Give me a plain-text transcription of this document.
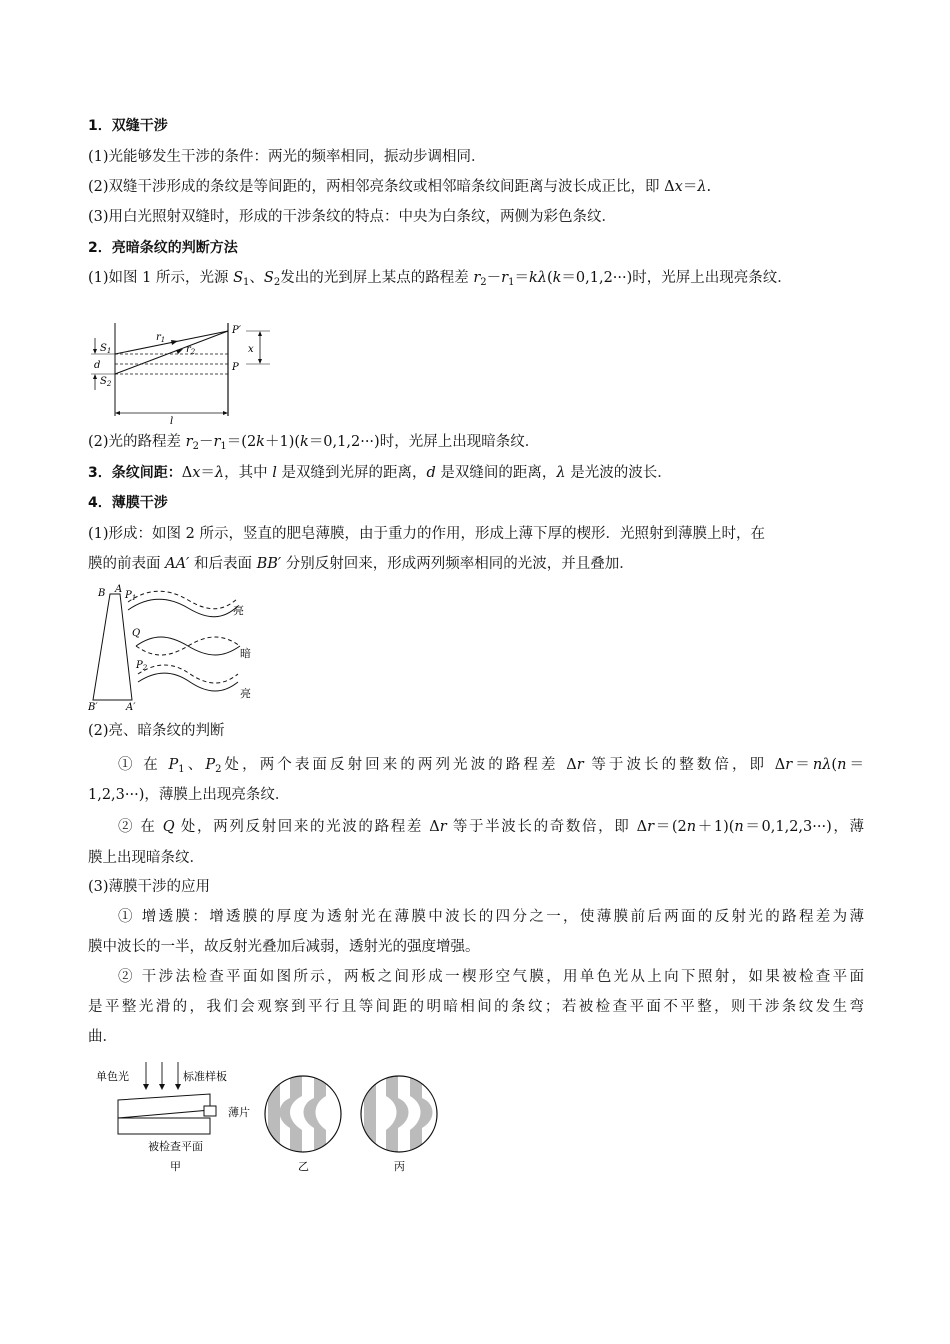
1．双缝干涉
(1)光能够发生干涉的条件：两光的频率相同，振动步调相同．
(2)双缝干涉形成的条纹是等间距的，两相邻亮条纹或相邻暗条纹间距离与波长成正比，即 Δx＝λ.
(3)用白光照射双缝时，形成的干涉条纹的特点：中央为白条纹，两侧为彩色条纹．
2．亮暗条纹的判断方法
(1)如图 1 所示，光源 $S_1$、$S_2$发出的光到屏上某点的路程差 $r_2-r_1=k\lambda(k=0,1,2\cdot\cdot\cdot)$时，光屏上出现亮条纹．
$r_1$
$r_2$
$S_1$
$S_2$
d
P′
P
x
l
(2)光的路程差 $r_2-r_1=(2k+1)(k=0,1,2\cdot\cdot\cdot)$时，光屏上出现暗条纹．
3．条纹间距：Δx＝λ，其中 l 是双缝到光屏的距离，d 是双缝间的距离，λ 是光波的波长．
4．薄膜干涉
(1)形成：如图 2 所示，竖直的肥皂薄膜，由于重力的作用，形成上薄下厚的楔形．光照射到薄膜上时，在
膜的前表面 AA′ 和后表面 BB′ 分别反射回来，形成两列频率相同的光波，并且叠加．
B A
B′	A′
$P_1$
Q
$P_2$
亮
暗
亮
(2)亮、暗条纹的判断
① 在 $P_1$、$P_2$处，两个表面反射回来的两列光波的路程差 Δr 等于波长的整数倍，即 Δr＝nλ(n＝
1,2,3···)，薄膜上出现亮条纹．
② 在 Q 处，两列反射回来的光波的路程差 Δr 等于半波长的奇数倍，即 Δr＝(2n＋1)(n＝0,1,2,3···)，薄
膜上出现暗条纹．
(3)薄膜干涉的应用
① 增透膜：增透膜的厚度为透射光在薄膜中波长的四分之一，使薄膜前后两面的反射光的路程差为薄
膜中波长的一半，故反射光叠加后减弱，透射光的强度增强。
② 干涉法检查平面如图所示，两板之间形成一楔形空气膜，用单色光从上向下照射，如果被检查平面
是平整光滑的，我们会观察到平行且等间距的明暗相间的条纹；若被检查平面不平整，则干涉条纹发生弯
曲．
单色光	标准样板
薄片
被检查平面
甲	乙	丙
